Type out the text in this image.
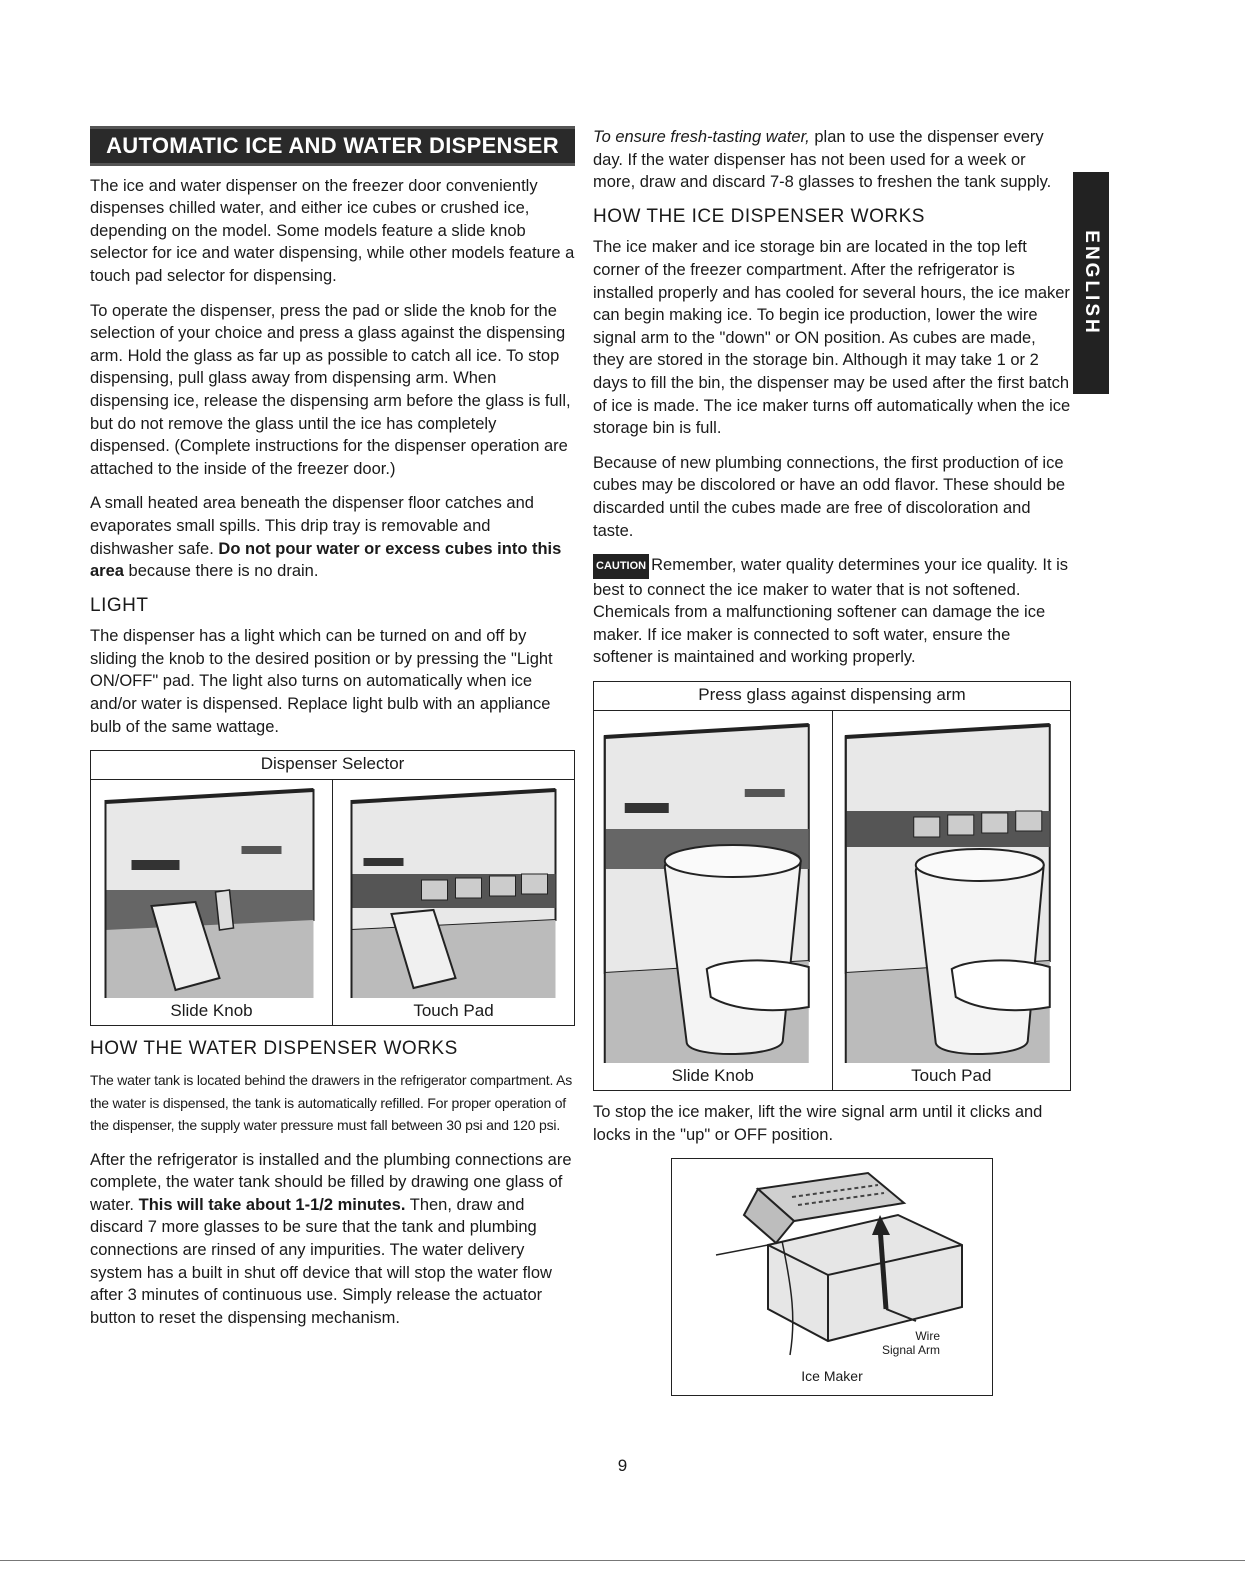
AUTOMATIC ICE AND WATER DISPENSER

The ice and water dispenser on the freezer door conveniently dispenses chilled water, and either ice cubes or crushed ice, depending on the model. Some models feature a slide knob selector for ice and water dispensing, while other models feature a touch pad selector for dispensing.

To operate the dispenser, press the pad or slide the knob for the selection of your choice and press a glass against the dispensing arm. Hold the glass as far up as possible to catch all ice. To stop dispensing, pull glass away from dispensing arm. When dispensing ice, release the dispensing arm before the glass is full, but do not remove the glass until the ice has completely dispensed. (Complete instructions for the dispenser operation are attached to the inside of the freezer door.)

A small heated area beneath the dispenser floor catches and evaporates small spills. This drip tray is removable and dishwasher safe. Do not pour water or excess cubes into this area because there is no drain.

LIGHT

The dispenser has a light which can be turned on and off by sliding the knob to the desired position or by pressing the "Light ON/OFF" pad. The light also turns on automatically when ice and/or water is dispensed. Replace light bulb with an appliance bulb of the same wattage.

Dispenser Selector
Slide Knob	Touch Pad
HOW THE WATER DISPENSER WORKS

The water tank is located behind the drawers in the refrigerator compartment. As the water is dispensed, the tank is automatically refilled. For proper operation of the dispenser, the supply water pressure must fall between 30 psi and 120 psi.

After the refrigerator is installed and the plumbing connections are complete, the water tank should be filled by drawing one glass of water. This will take about 1-1/2 minutes. Then, draw and discard 7 more glasses to be sure that the tank and plumbing connections are rinsed of any impurities. The water delivery system has a built in shut off device that will stop the water flow after 3 minutes of continuous use. Simply release the actuator button to reset the dispensing mechanism.

To ensure fresh-tasting water, plan to use the dispenser every day. If the water dispenser has not been used for a week or more, draw and discard 7-8 glasses to freshen the tank supply.

HOW THE ICE DISPENSER WORKS

The ice maker and ice storage bin are located in the top left corner of the freezer compartment. After the refrigerator is installed properly and has cooled for several hours, the ice maker can begin making ice. To begin ice production, lower the wire signal arm to the "down" or ON position. As cubes are made, they are stored in the storage bin. Although it may take 1 or 2 days to fill the bin, the dispenser may be used after the first batch of ice is made. The ice maker turns off automatically when the ice storage bin is full.

Because of new plumbing connections, the first production of ice cubes may be discolored or have an odd flavor. These should be discarded until the cubes made are free of discoloration and taste.

CAUTION Remember, water quality determines your ice quality. It is best to connect the ice maker to water that is not softened. Chemicals from a malfunctioning softener can damage the ice maker. If ice maker is connected to soft water, ensure the softener is maintained and working properly.

Press glass against dispensing arm
Slide Knob	Touch Pad

To stop the ice maker, lift the wire signal arm until it clicks and locks in the "up" or OFF position.

Wire
Signal Arm
Ice Maker
ENGLISH
9
